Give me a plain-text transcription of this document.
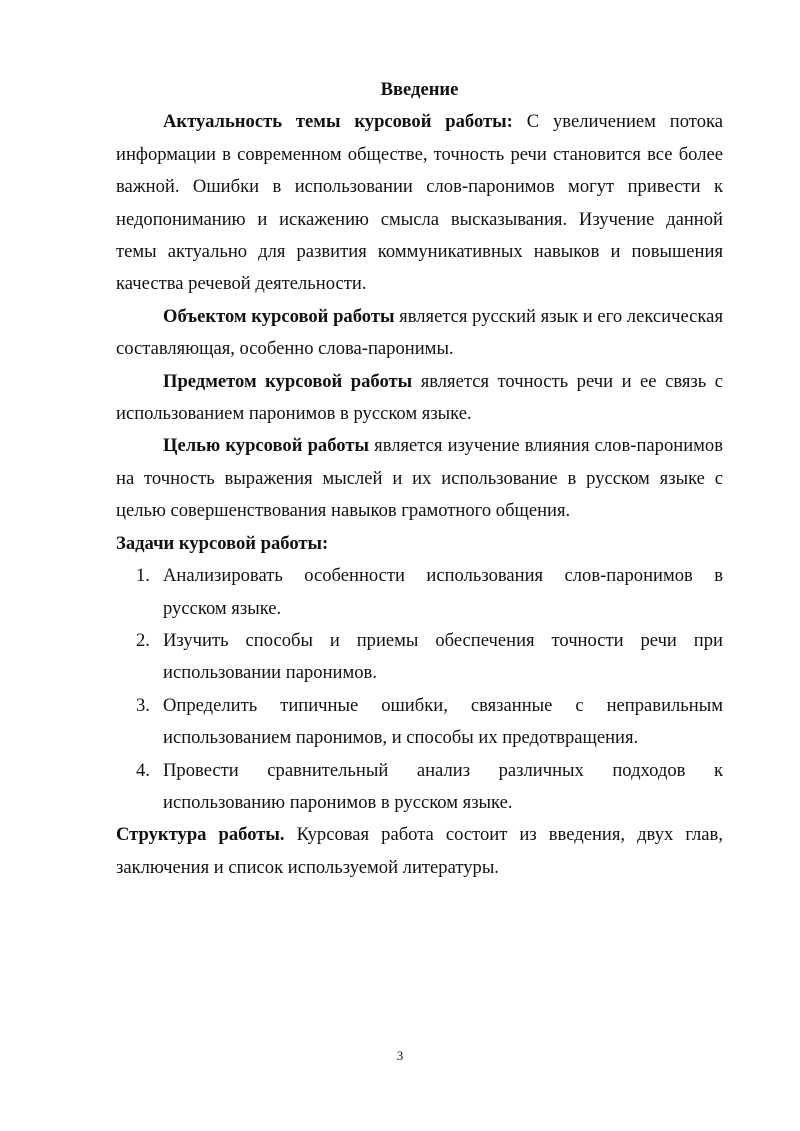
Введение

Актуальность темы курсовой работы: С увеличением потока информации в современном обществе, точность речи становится все более важной. Ошибки в использовании слов-паронимов могут привести к недопониманию и искажению смысла высказывания. Изучение данной темы актуально для развития коммуникативных навыков и повышения качества речевой деятельности.

Объектом курсовой работы является русский язык и его лексическая составляющая, особенно слова-паронимы.

Предметом курсовой работы является точность речи и ее связь с использованием паронимов в русском языке.

Целью курсовой работы является изучение влияния слов-паронимов на точность выражения мыслей и их использование в русском языке с целью совершенствования навыков грамотного общения.

Задачи курсовой работы:

1. Анализировать особенности использования слов-паронимов в русском языке.
2. Изучить способы и приемы обеспечения точности речи при использовании паронимов.
3. Определить типичные ошибки, связанные с неправильным использованием паронимов, и способы их предотвращения.
4. Провести сравнительный анализ различных подходов к использованию паронимов в русском языке.

Структура работы. Курсовая работа состоит из введения, двух глав, заключения и список используемой литературы.

3
